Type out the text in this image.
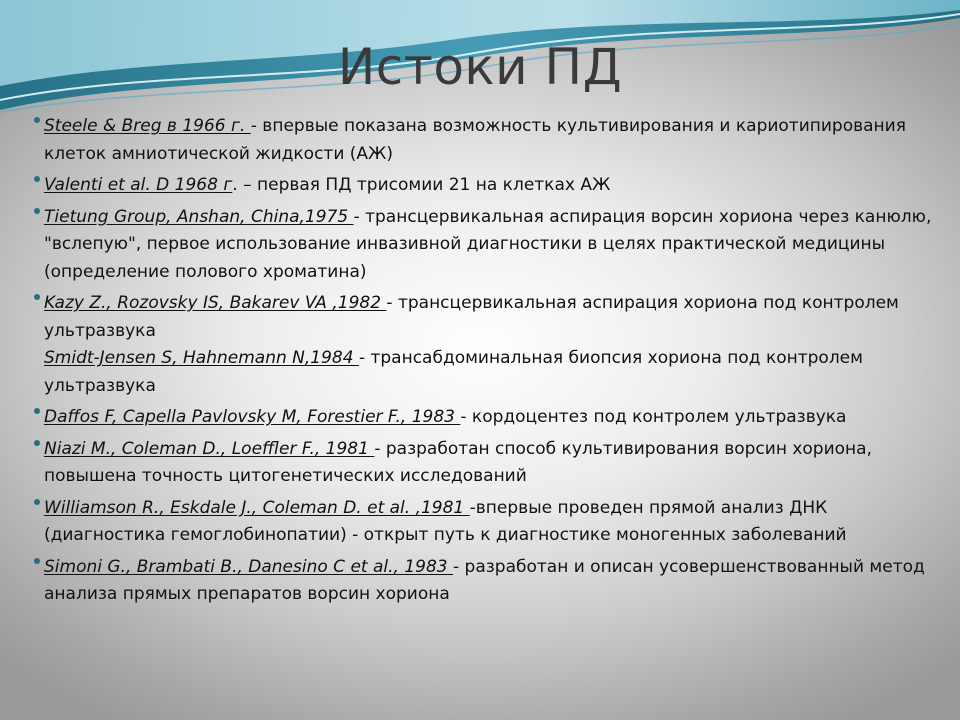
Истоки ПД
Steele & Breg в 1966 г. - впервые показана возможность культивирования и кариотипирования клеток амниотической жидкости (АЖ)
Valenti et al. D 1968 г. – первая ПД трисомии 21 на клетках АЖ
Tietung Group, Anshan, China,1975 - трансцервикальная аспирация ворсин хориона через канюлю, "вслепую", первое использование инвазивной диагностики в целях практической медицины (определение полового хроматина)
Kazy Z., Rozovsky IS, Bakarev VA ,1982 - трансцервикальная аспирация хориона под контролем ультразвука
Smidt-Jensen S, Hahnemann N,1984 - трансабдоминальная биопсия хориона под контролем ультразвука
Daffos F, Capella Pavlovsky M, Forestier F., 1983 - кордоцентез под контролем ультразвука
Niazi M., Coleman D., Loeffler F., 1981 - разработан способ культивирования ворсин хориона, повышена точность цитогенетических исследований
Williamson R., Eskdale J., Coleman D. et al. ,1981 -впервые проведен прямой анализ ДНК (диагностика гемоглобинопатии) - открыт путь к диагностике моногенных заболеваний
Simoni G., Brambati B., Danesino C et al., 1983 - разработан и описан усовершенствованный метод анализа прямых препаратов ворсин хориона
